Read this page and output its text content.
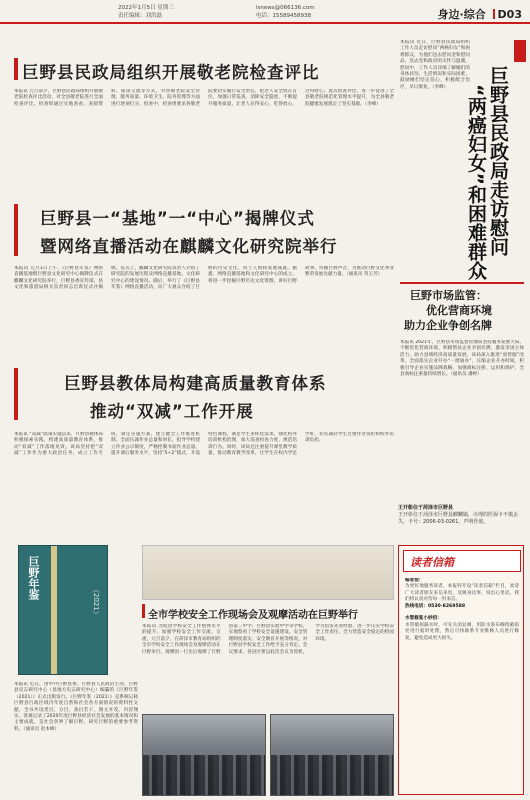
2022年1月5日 星期三
责任编辑：刘洪磊
lsnews@066136.com
电话：15589458938	身边·综合 D03
巨野县民政局组织开展敬老院检查评比
本报讯 元旦前夕，巨野县民政局组织开展敬老院检查评比活动，对全县敬老院进行全面检查评比。检查组通过实地查看、查阅资料、座谈交流等方式，对各敬老院安全管理、服务质量、环境卫生、院务管理等方面进行逐项打分。检查中，检查组要求各敬老院要切实履行安全责任，把老人安全放在首位，加强日常巡查，消除安全隐患，不断提升服务质量，让老人住得安心、吃得放心、过得舒心。此次检查评比，进一步促进了全县敬老院规范化管理水平提升，为全县敬老院健康发展奠定了坚实基础。（李峰）
巨野县一“基地”一“中心”揭牌仪式
暨网络直播活动在麒麟文化研究院举行
本报讯 元月1日上午，《巨野县年鉴》网络直播基地暨巨野县文化研究中心揭牌仪式在麒麟文化研究院举行，巨野县委宣传部、县文化和旅游局相关负责同志出席仪式并揭牌。仪式上，麒麟文化研究院负责人介绍了研究院的发展历程及网络直播基地、文化研究中心的建设情况。随后，举行了《巨野县年鉴》网络直播活动，向广大观众介绍了巨野的历史文化、风土人情和发展成就。据悉，网络直播基地和文化研究中心的成立，将进一步挖掘巨野历史文化资源，讲好巨野故事，传播巨野声音，为推动巨野文化事业繁荣发展贡献力量。（通讯员 英玉芳）
巨野县教体局构建高质量教育体系
推动“双减”工作开展
本报讯 “双减”政策实施以来，巨野县教体局积极探索实践，构建高质量教育体系，推动“双减”工作落地见效。该局坚持把“双减”工作作为重大政治任务，成立工作专班，制定实施方案，建立健全工作推进机制。全面压减作业总量和时长，指导学校建立作业公示制度，严格控制书面作业总量。提升课后服务水平，坚持“5+2”模式，开设特色课程，满足学生多样化需求。强化校外培训机构治理，加大巡查检查力度，规范培训行为。同时，该局还注重提升课堂教学质量，推动教育教学改革，让学生在校内学足学好，切实减轻学生过重作业负担和校外培训负担。
巨野年鉴
（2021）
本报讯 近日，由中共巨野县委、巨野县人民政府主办，巨野县史志研究中心（县地方史志研究中心）编纂的《巨野年鉴（2021）》正式出版发行。《巨野年鉴（2021）》是系统记载巨野县行政区域内年度自然和社会各方面情况的资料性文献，全书共设类目、分目、条目若干，图文并茂，内容翔实，客观记录了2020年度巨野县经济社会发展的基本情况和主要成就，是社会各界了解巨野、研究巨野的重要参考资料。（通讯员 赵本峰）
全市学校安全工作现场会及观摩活动在巨野举行
本报讯 为促进学校安全工作整体水平的提升，加强学校安全工作交流、交流，元旦前夕，在菏泽市教育局组织的全市学校安全工作现场会及观摩活动在巨野举行。观摩团一行先后观摩了巨野县第三中学、巨野县实验中学等学校，实地察看了学校安全设施建设、安全管理制度落实、安全教育开展等情况，对巨野县学校安全工作给予充分肯定。会议要求，各县区要以此次会议为契机，学习借鉴先进经验，进一步压实学校安全工作责任，全力营造安全稳定的校园环境。
本报讯 近日，巨野县民政局组织工作人员走访慰问“两癌妇女”和困难群众，为他们送去慰问金和慰问品，送去党和政府的关怀与温暖。慰问中，工作人员详细了解她们的身体状况、生活情况和实际困难，鼓励她们坚定信心，积极配合治疗，早日康复。（李峰）	巨野县民政局走访慰问
“两癌妇女”和困难群众
巨野市场监管：
优化营商环境
助力企业争创名牌
本报讯 2021年，巨野县市场监督管理局坚持服务发展大局，不断优化营商环境，积极帮扶企业争创名牌，激发市场主体活力，助力县域经济高质量发展。该局深入推进“放管服”改革，全面落实企业开办“一窗通办”，压缩企业开办时间。积极引导企业实施品牌战略，加强商标注册、运用和保护，全县商标注册量持续增长。（通讯员 潘婷）
王开彰住于菏泽市巨野县
王开彰住于菏泽市巨野县麒麟镇，办理的医保卡不慎丢失，卡号：2006-03-0261，声明作废。
读者信箱
编者按：
为更好地服务读者，本报特开设“读者信箱”栏目，欢迎广大读者朋友来信来电，反映身边事，说出心里话，我们将认真对待每一封来信。
热线电话：0530-8269588

水管修复小妙招：
水管破损漏水时，可先关闭总阀，用防水胶布缠绕破损处进行临时处理，然后尽快联系专业维修人员进行修复，避免造成更大损失。
